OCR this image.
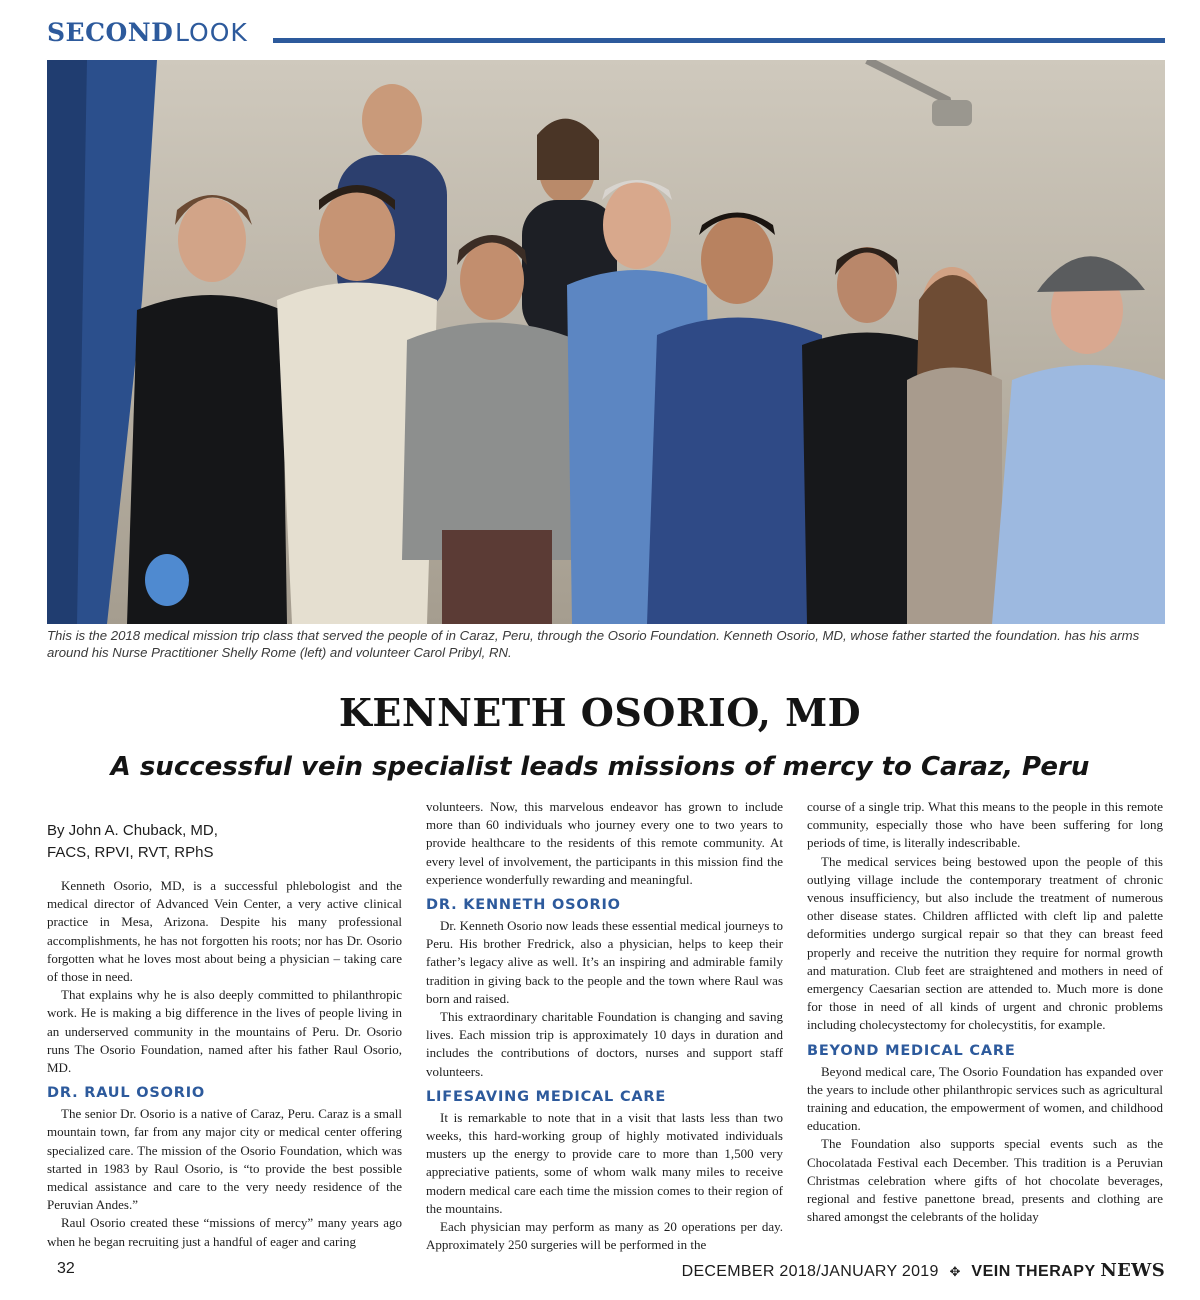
SECOND LOOK
This is the 2018 medical mission trip class that served the people of in Caraz, Peru, through the Osorio Foundation. Kenneth Osorio, MD, whose father started the foundation. has his arms around his Nurse Practitioner Shelly Rome (left) and volunteer Carol Pribyl, RN.
KENNETH OSORIO, MD
A successful vein specialist leads missions of mercy to Caraz, Peru
By John A. Chuback, MD,
FACS, RPVI, RVT, RPhS

Kenneth Osorio, MD, is a successful phlebologist and the medical director of Advanced Vein Center, a very active clinical practice in Mesa, Arizona. Despite his many professional accomplishments, he has not forgotten his roots; nor has Dr. Osorio forgotten what he loves most about being a physician – taking care of those in need.

That explains why he is also deeply committed to philanthropic work. He is making a big difference in the lives of people living in an underserved community in the mountains of Peru. Dr. Osorio runs The Osorio Foundation, named after his father Raul Osorio, MD.

DR. RAUL OSORIO

The senior Dr. Osorio is a native of Caraz, Peru. Caraz is a small mountain town, far from any major city or medical center offering specialized care. The mission of the Osorio Foundation, which was started in 1983 by Raul Osorio, is “to provide the best possible medical assistance and care to the very needy residence of the Peruvian Andes.”

Raul Osorio created these “missions of mercy” many years ago when he began recruiting just a handful of eager and caring

volunteers. Now, this marvelous endeavor has grown to include more than 60 individuals who journey every one to two years to provide healthcare to the residents of this remote community. At every level of involvement, the participants in this mission find the experience wonderfully rewarding and meaningful.

DR. KENNETH OSORIO

Dr. Kenneth Osorio now leads these essential medical journeys to Peru. His brother Fredrick, also a physician, helps to keep their father’s legacy alive as well. It’s an inspiring and admirable family tradition in giving back to the people and the town where Raul was born and raised.

This extraordinary charitable Foundation is changing and saving lives. Each mission trip is approximately 10 days in duration and includes the contributions of doctors, nurses and support staff volunteers.

LIFESAVING MEDICAL CARE

It is remarkable to note that in a visit that lasts less than two weeks, this hard-working group of highly motivated individuals musters up the energy to provide care to more than 1,500 very appreciative patients, some of whom walk many miles to receive modern medical care each time the mission comes to their region of the mountains.

Each physician may perform as many as 20 operations per day. Approximately 250 surgeries will be performed in the

course of a single trip. What this means to the people in this remote community, especially those who have been suffering for long periods of time, is literally indescribable.

The medical services being bestowed upon the people of this outlying village include the contemporary treatment of chronic venous insufficiency, but also include the treatment of numerous other disease states. Children afflicted with cleft lip and palette deformities undergo surgical repair so that they can breast feed properly and receive the nutrition they require for normal growth and maturation. Club feet are straightened and mothers in need of emergency Caesarian section are attended to. Much more is done for those in need of all kinds of urgent and chronic problems including cholecystectomy for cholecystitis, for example.

BEYOND MEDICAL CARE

Beyond medical care, The Osorio Foundation has expanded over the years to include other philanthropic services such as agricultural training and education, the empowerment of women, and childhood education.

The Foundation also supports special events such as the Chocolatada Festival each December. This tradition is a Peruvian Christmas celebration where gifts of hot chocolate beverages, regional and festive panettone bread, presents and clothing are shared amongst the celebrants of the holiday

32	DECEMBER 2018/JANUARY 2019 ✥ VEIN THERAPY NEWS
